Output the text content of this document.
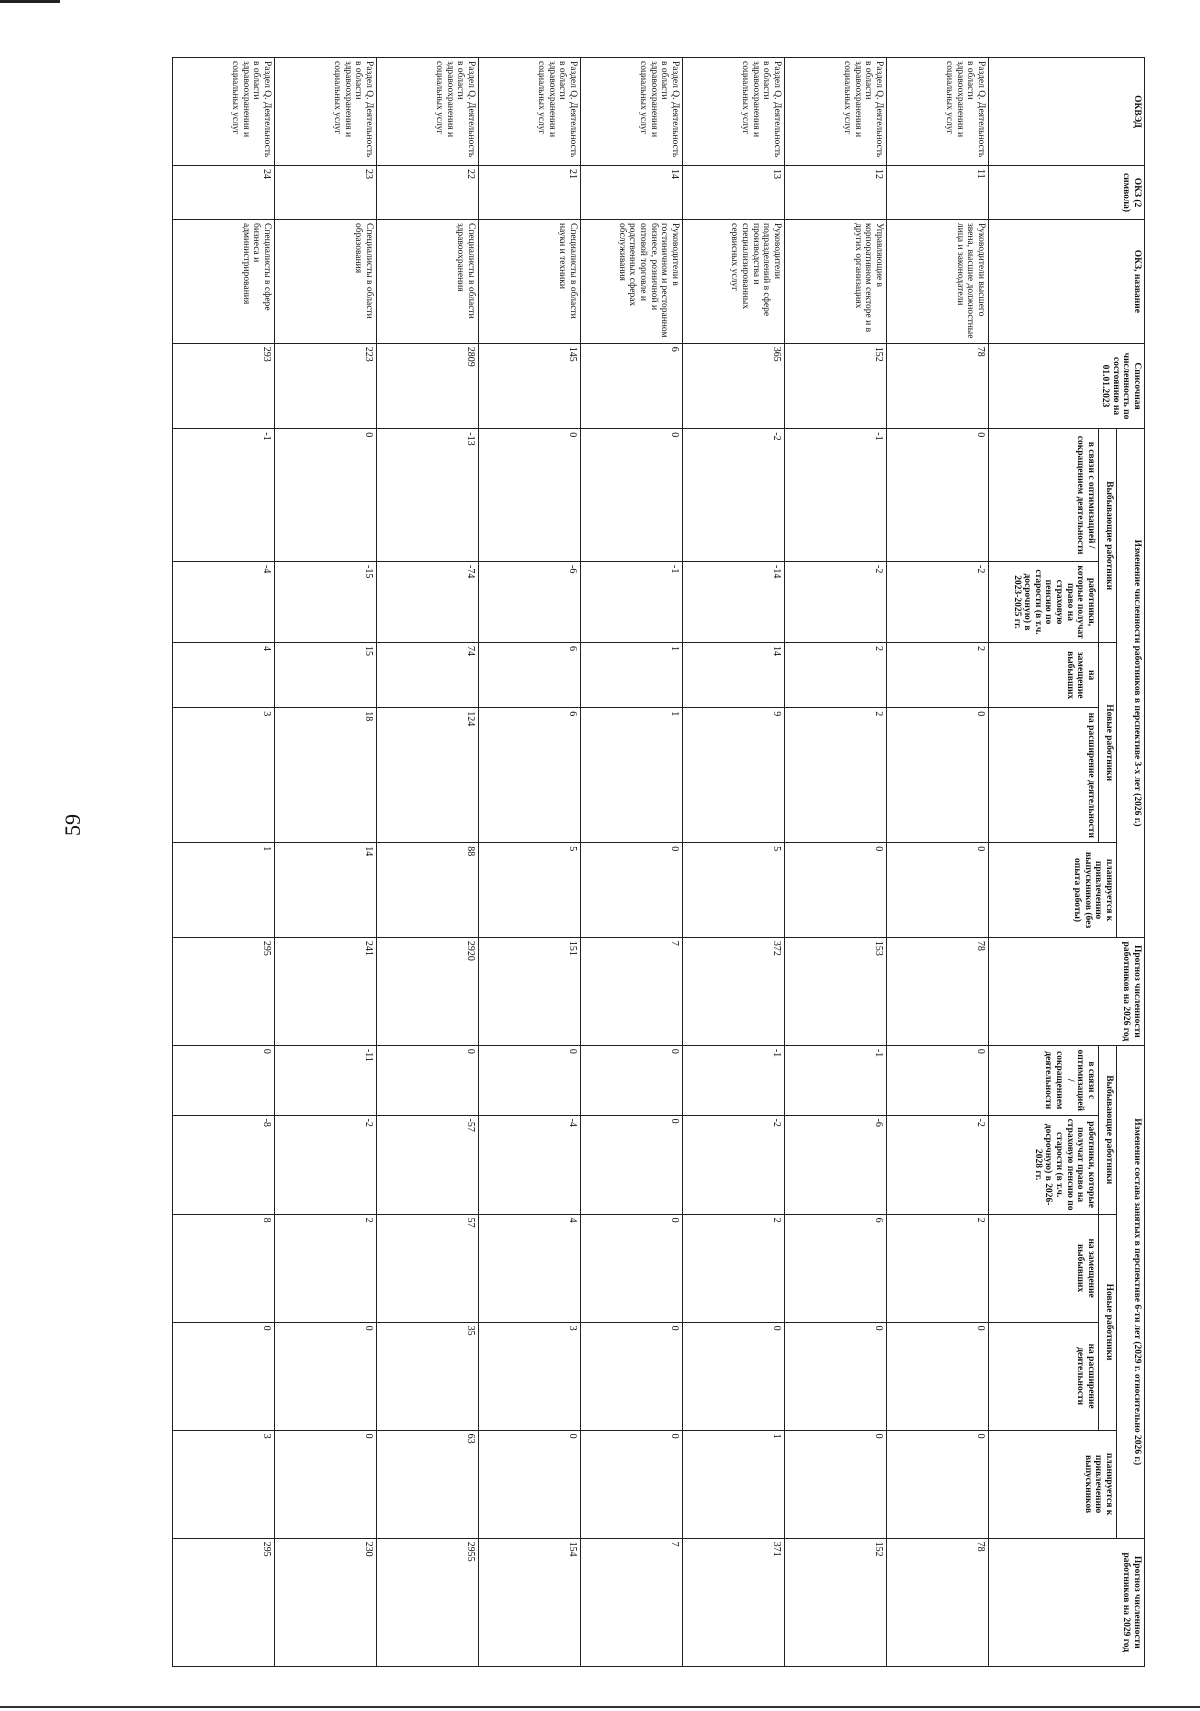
59
ОКВЭД	ОКЗ (2 символа)	ОКЗ, название	Списочная численность по состоянию на 01.01.2023	Изменение численности работников в перспективе 3-х лет (2026 г.)					Прогноз численности работников на 2026 год	Изменение состава занятых в перспективе 6-ти лет (2029 г. относительно 2026 г.)					Прогноз численности работников на 2029 год
				Выбывающие работники		Новые работники		планируется к привлечению выпускников (без опыта работы)		Выбывающие работники		Новые работники		планируется к привлечению выпускников	
				в связи с оптимизацией / сокращением деятельности	работники, которые получат право на страховую пенсию по старости (в т.ч. досрочную) в 2023-2025 гг.	на замещение выбывших	на расширение деятельности			в связи с оптимизацией / сокращением деятельности	работники, которые получат право на страховую пенсию по старости (в т.ч. досрочную) в 2026-2028 гг.	на замещение выбывших	на расширение деятельности		
Раздел Q. Деятельность в области здравоохранения и социальных услуг	11	Руководители высшего звена, высшие должностные лица и законодатели	78	0	-2	2	0	0	78	0	-2	2	0	0	78
Раздел Q. Деятельность в области здравоохранения и социальных услуг	12	Управляющие в корпоративном секторе и в других организациях	152	-1	-2	2	2	0	153	-1	-6	6	0	0	152
Раздел Q. Деятельность в области здравоохранения и социальных услуг	13	Руководители подразделений в сфере производства и специализированных сервисных услуг	365	-2	-14	14	9	5	372	-1	-2	2	0	1	371
Раздел Q. Деятельность в области здравоохранения и социальных услуг	14	Руководители в гостиничном и ресторанном бизнесе, розничной и оптовой торговле и родственных сферах обслуживания	6	0	-1	1	1	0	7	0	0	0	0	0	7
Раздел Q. Деятельность в области здравоохранения и социальных услуг	21	Специалисты в области науки и техники	145	0	-6	6	6	5	151	0	-4	4	3	0	154
Раздел Q. Деятельность в области здравоохранения и социальных услуг	22	Специалисты в области здравоохранения	2809	-13	-74	74	124	88	2920	0	-57	57	35	63	2955
Раздел Q. Деятельность в области здравоохранения и социальных услуг	23	Специалисты в области образования	223	0	-15	15	18	14	241	-11	-2	2	0	0	230
Раздел Q. Деятельность в области здравоохранения и социальных услуг	24	Специалисты в сфере бизнеса и администрирования	293	-1	-4	4	3	1	295	0	-8	8	0	3	295
